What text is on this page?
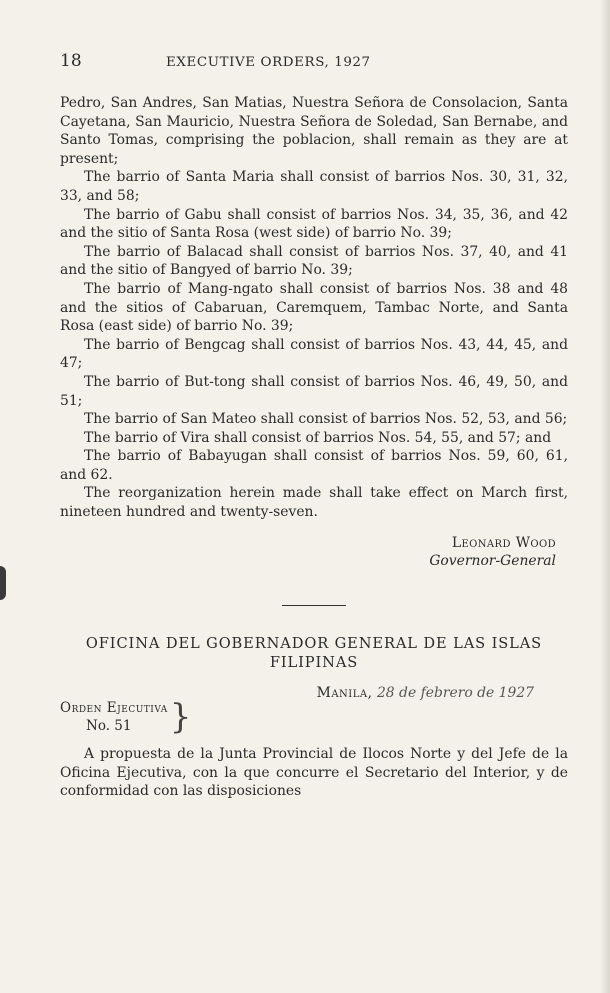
18	EXECUTIVE ORDERS, 1927

Pedro, San Andres, San Matias, Nuestra Señora de Consolacion, Santa Cayetana, San Mauricio, Nuestra Señora de Soledad, San Bernabe, and Santo Tomas, comprising the poblacion, shall remain as they are at present;

The barrio of Santa Maria shall consist of barrios Nos. 30, 31, 32, 33, and 58;

The barrio of Gabu shall consist of barrios Nos. 34, 35, 36, and 42 and the sitio of Santa Rosa (west side) of barrio No. 39;

The barrio of Balacad shall consist of barrios Nos. 37, 40, and 41 and the sitio of Bangyed of barrio No. 39;

The barrio of Mang-ngato shall consist of barrios Nos. 38 and 48 and the sitios of Cabaruan, Caremquem, Tambac Norte, and Santa Rosa (east side) of barrio No. 39;

The barrio of Bengcag shall consist of barrios Nos. 43, 44, 45, and 47;

The barrio of But-tong shall consist of barrios Nos. 46, 49, 50, and 51;

The barrio of San Mateo shall consist of barrios Nos. 52, 53, and 56;

The barrio of Vira shall consist of barrios Nos. 54, 55, and 57; and

The barrio of Babayugan shall consist of barrios Nos. 59, 60, 61, and 62.

The reorganization herein made shall take effect on March first, nineteen hundred and twenty-seven.

Leonard Wood
Governor-General
OFICINA DEL GOBERNADOR GENERAL DE LAS ISLAS FILIPINAS
Manila, 28 de febrero de 1927
Orden Ejecutiva
No. 51	}

A propuesta de la Junta Provincial de Ilocos Norte y del Jefe de la Oficina Ejecutiva, con la que concurre el Secretario del Interior, y de conformidad con las disposiciones
